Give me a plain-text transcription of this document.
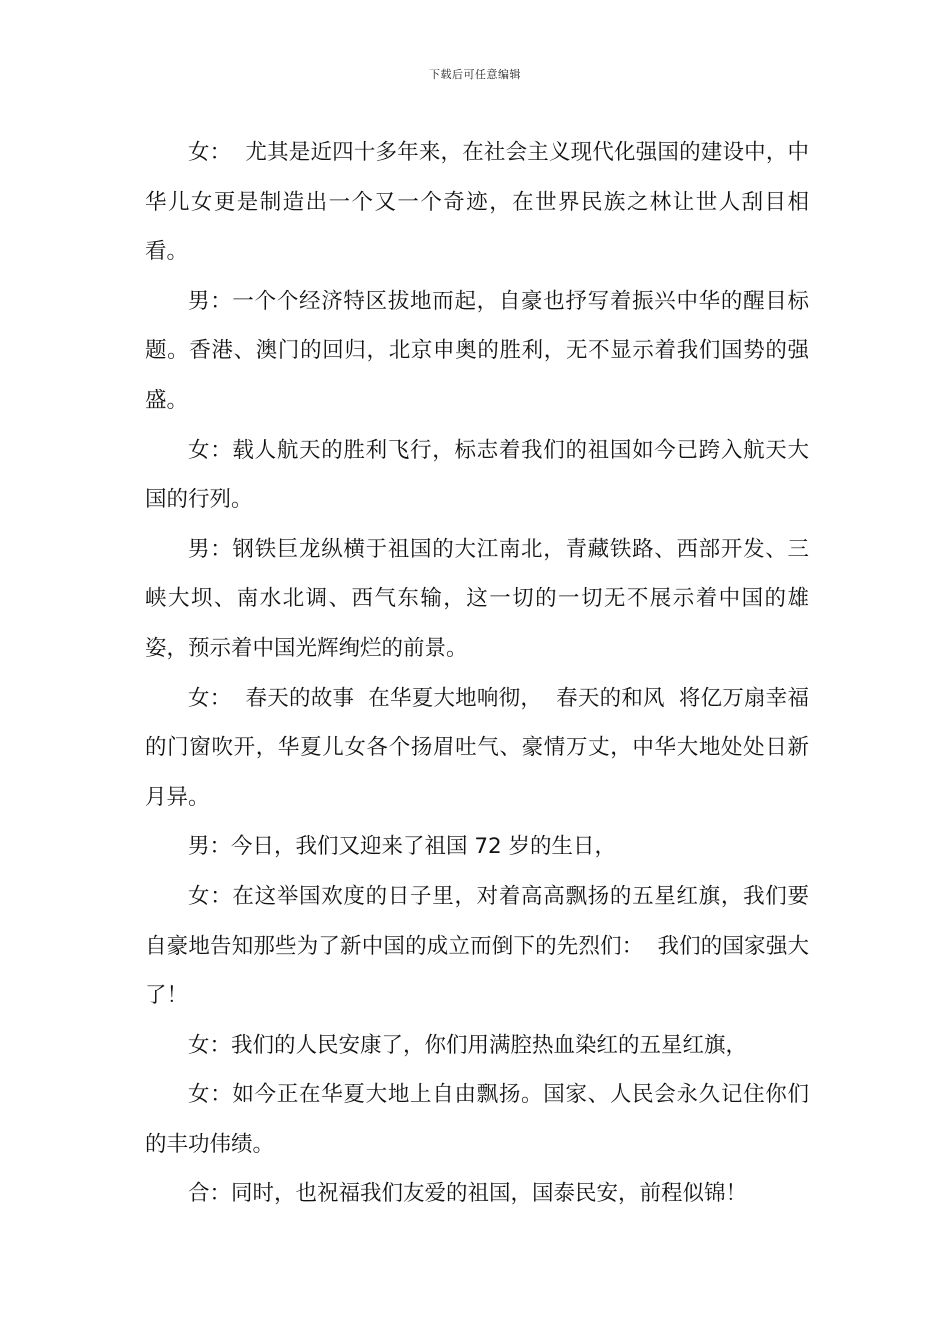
下载后可任意编辑

女：  尤其是近四十多年来，在社会主义现代化强国的建设中，中华儿女更是制造出一个又一个奇迹，在世界民族之林让世人刮目相看。

男：一个个经济特区拔地而起，自豪也抒写着振兴中华的醒目标题。香港、澳门的回归，北京申奥的胜利，无不显示着我们国势的强盛。

女：载人航天的胜利飞行，标志着我们的祖国如今已跨入航天大国的行列。

男：钢铁巨龙纵横于祖国的大江南北，青藏铁路、西部开发、三峡大坝、南水北调、西气东输，这一切的一切无不展示着中国的雄姿，预示着中国光辉绚烂的前景。

女：  春天的故事  在华夏大地响彻，  春天的和风  将亿万扇幸福的门窗吹开，华夏儿女各个扬眉吐气、豪情万丈，中华大地处处日新月异。

男：今日，我们又迎来了祖国 72 岁的生日，

女：在这举国欢度的日子里，对着高高飘扬的五星红旗，我们要自豪地告知那些为了新中国的成立而倒下的先烈们：  我们的国家强大了！

女：我们的人民安康了，你们用满腔热血染红的五星红旗，

女：如今正在华夏大地上自由飘扬。国家、人民会永久记住你们的丰功伟绩。

合：同时，也祝福我们友爱的祖国，国泰民安，前程似锦！
